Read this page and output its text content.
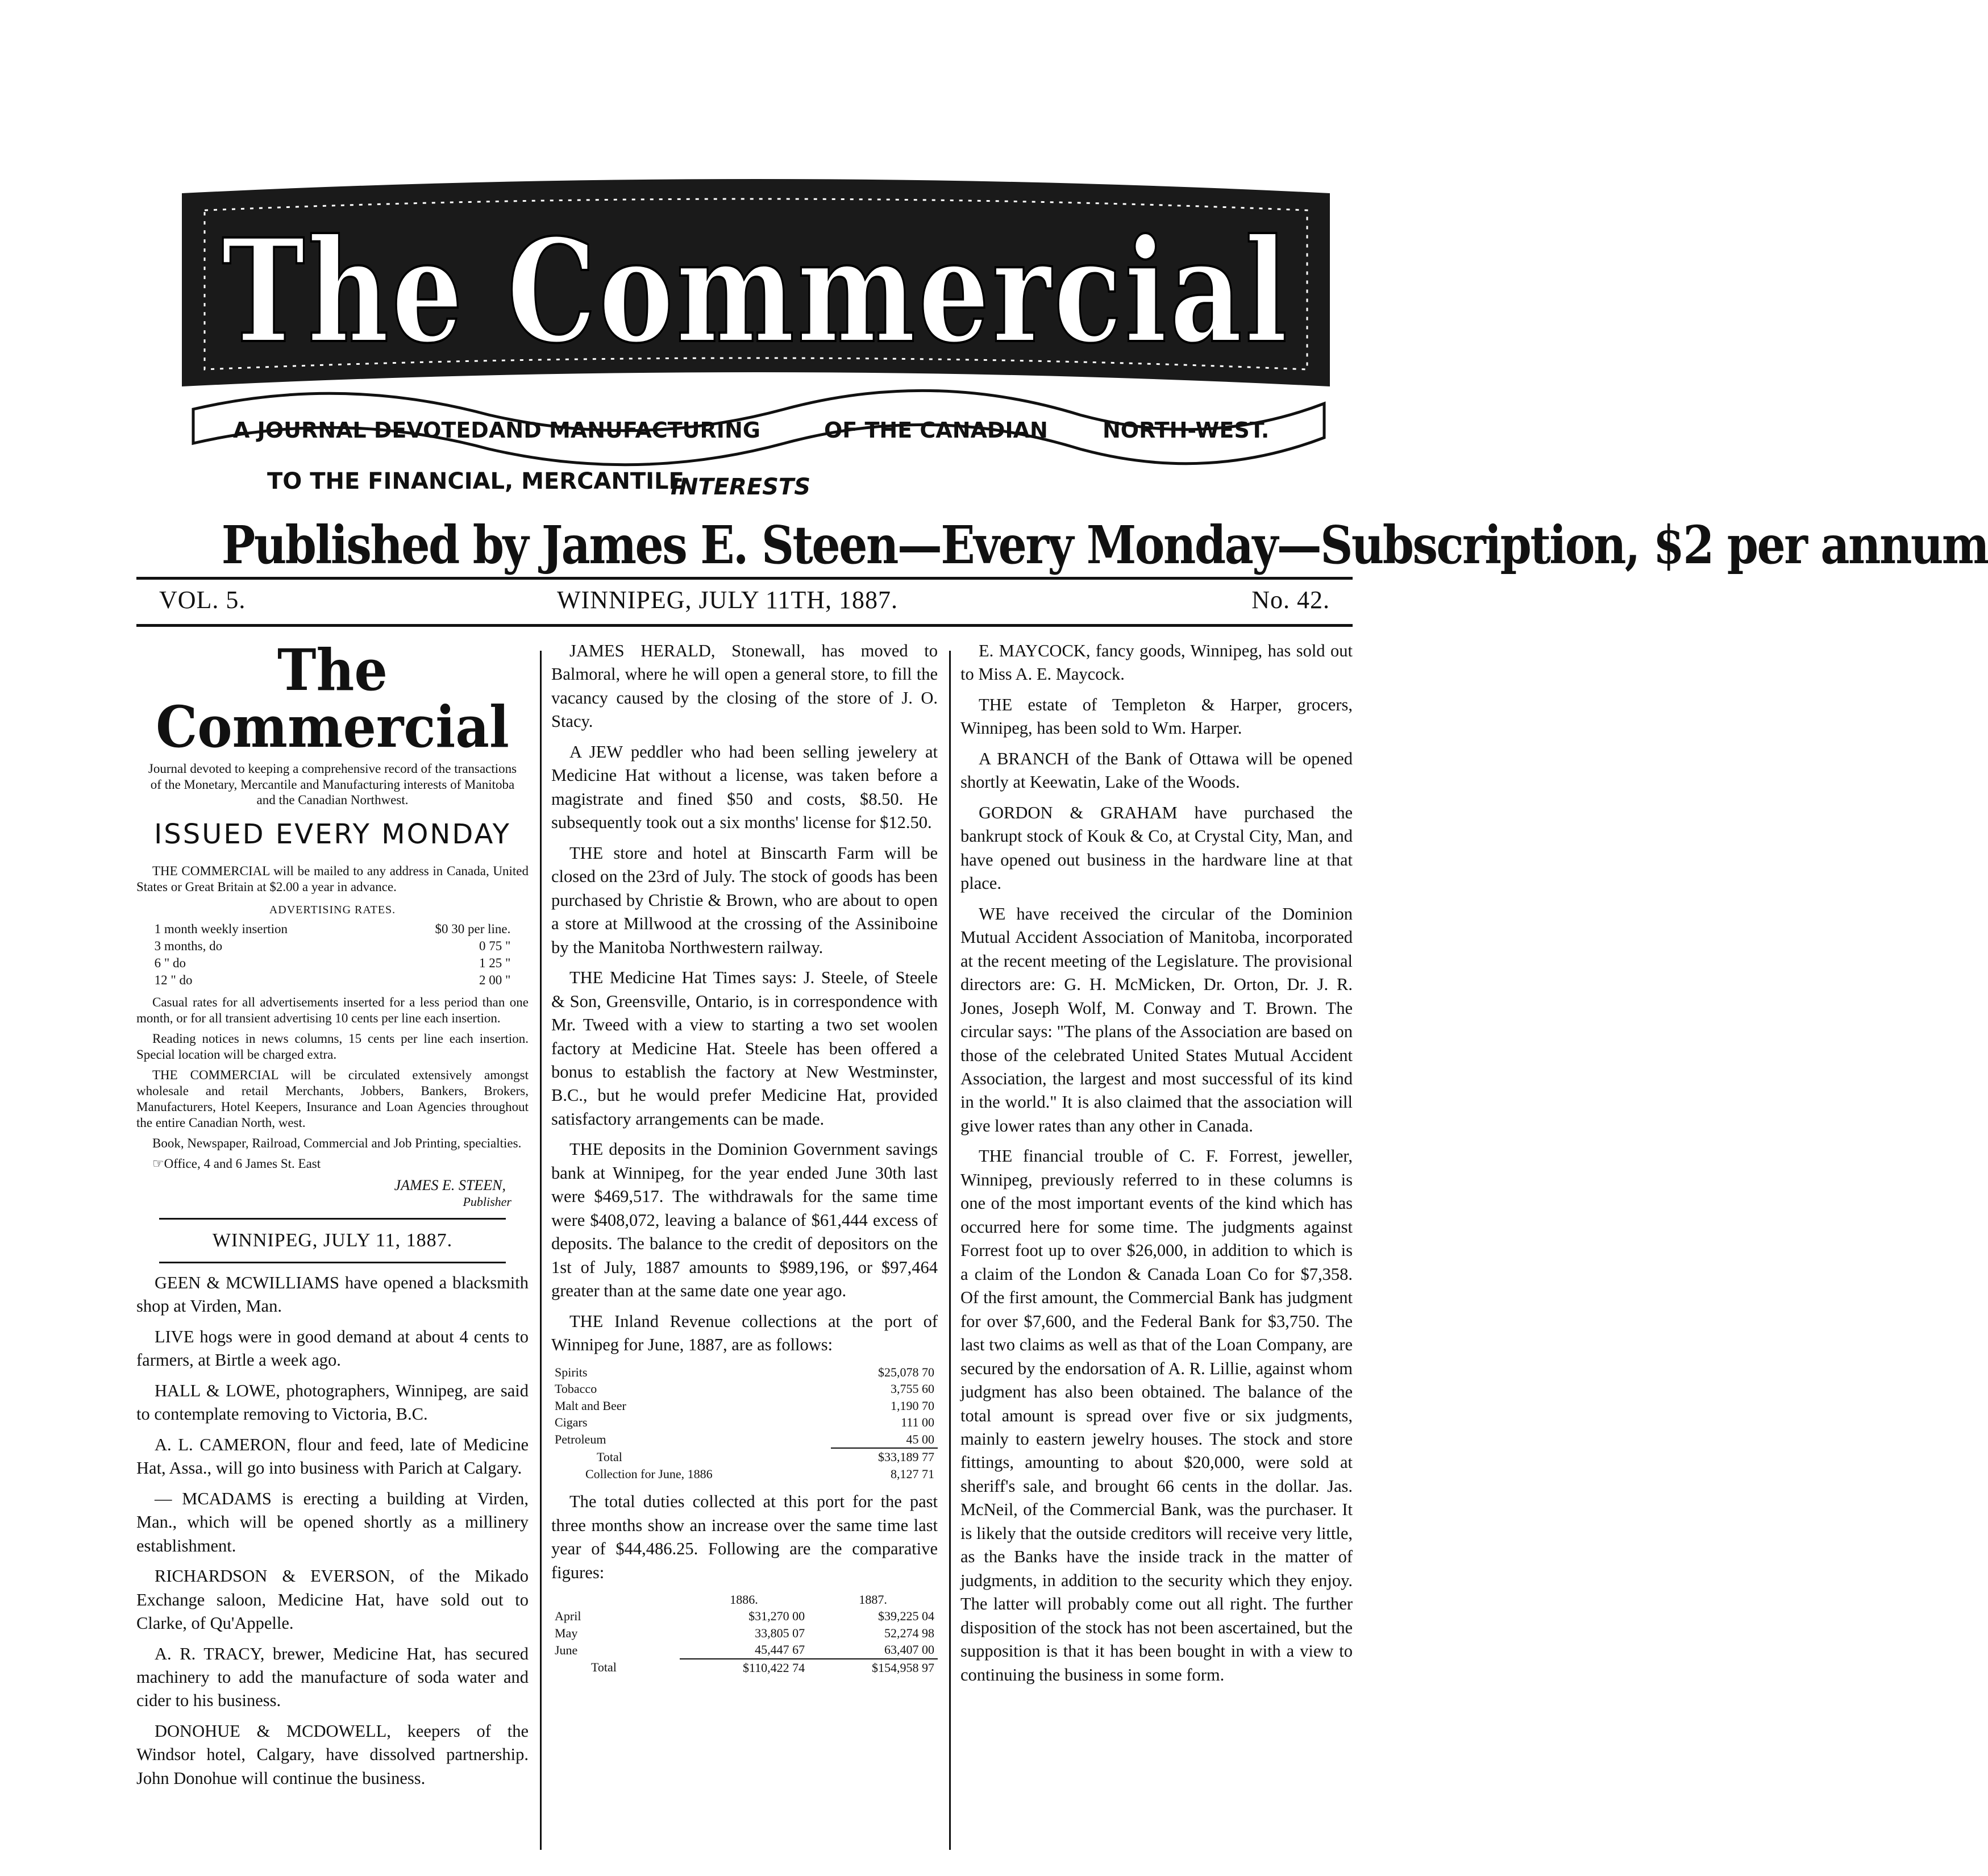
The Commercial
A JOURNAL DEVOTED AND MANUFACTURING	OF THE CANADIAN	NORTH-WEST.
TO THE FINANCIAL, MERCANTILE
INTERESTS
Published by James E. Steen—Every Monday—Subscription, $2 per annum
VOL. 5.	WINNIPEG, JULY 11TH, 1887.	No. 42.
The Commercial
Journal devoted to keeping a comprehensive record of the transactions of the Monetary, Mercantile and Manufacturing interests of Manitoba and the Canadian Northwest.
ISSUED EVERY MONDAY

THE COMMERCIAL will be mailed to any address in Canada, United States or Great Britain at $2.00 a year in advance.

ADVERTISING RATES.
1 month weekly insertion	$0 30 per line.
3 months, do	0 75 "
6 " do	1 25 "
12 " do	2 00 "

Casual rates for all advertisements inserted for a less period than one month, or for all transient advertising 10 cents per line each insertion.

Reading notices in news columns, 15 cents per line each insertion. Special location will be charged extra.

THE COMMERCIAL will be circulated extensively amongst wholesale and retail Merchants, Jobbers, Bankers, Brokers, Manufacturers, Hotel Keepers, Insurance and Loan Agencies throughout the entire Canadian North, west.

Book, Newspaper, Railroad, Commercial and Job Printing, specialties.

☞Office, 4 and 6 James St. East

JAMES E. STEEN,
Publisher
WINNIPEG, JULY 11, 1887.

GEEN & MCWILLIAMS have opened a blacksmith shop at Virden, Man.

LIVE hogs were in good demand at about 4 cents to farmers, at Birtle a week ago.

HALL & LOWE, photographers, Winnipeg, are said to contemplate removing to Victoria, B.C.

A. L. CAMERON, flour and feed, late of Medicine Hat, Assa., will go into business with Parich at Calgary.

— MCADAMS is erecting a building at Virden, Man., which will be opened shortly as a millinery establishment.

RICHARDSON & EVERSON, of the Mikado Exchange saloon, Medicine Hat, have sold out to Clarke, of Qu'Appelle.

A. R. TRACY, brewer, Medicine Hat, has secured machinery to add the manufacture of soda water and cider to his business.

DONOHUE & MCDOWELL, keepers of the Windsor hotel, Calgary, have dissolved partnership. John Donohue will continue the business.

JAMES HERALD, Stonewall, has moved to Balmoral, where he will open a general store, to fill the vacancy caused by the closing of the store of J. O. Stacy.

A JEW peddler who had been selling jewelery at Medicine Hat without a license, was taken before a magistrate and fined $50 and costs, $8.50. He subsequently took out a six months' license for $12.50.

THE store and hotel at Binscarth Farm will be closed on the 23rd of July. The stock of goods has been purchased by Christie & Brown, who are about to open a store at Millwood at the crossing of the Assiniboine by the Manitoba Northwestern railway.

THE Medicine Hat Times says: J. Steele, of Steele & Son, Greensville, Ontario, is in correspondence with Mr. Tweed with a view to starting a two set woolen factory at Medicine Hat. Steele has been offered a bonus to establish the factory at New Westminster, B.C., but he would prefer Medicine Hat, provided satisfactory arrangements can be made.

THE deposits in the Dominion Government savings bank at Winnipeg, for the year ended June 30th last were $469,517. The withdrawals for the same time were $408,072, leaving a balance of $61,444 excess of deposits. The balance to the credit of depositors on the 1st of July, 1887 amounts to $989,196, or $97,464 greater than at the same date one year ago.

THE Inland Revenue collections at the port of Winnipeg for June, 1887, are as follows:

Spirits	$25,078 70
Tobacco	3,755 60
Malt and Beer	1,190 70
Cigars	111 00
Petroleum	45 00
Total	$33,189 77
Collection for June, 1886	8,127 71

The total duties collected at this port for the past three months show an increase over the same time last year of $44,486.25. Following are the comparative figures:

	1886.	1887.
April	$31,270 00	$39,225 04
May	33,805 07	52,274 98
June	45,447 67	63,407 00
Total	$110,422 74	$154,958 97

E. MAYCOCK, fancy goods, Winnipeg, has sold out to Miss A. E. Maycock.

THE estate of Templeton & Harper, grocers, Winnipeg, has been sold to Wm. Harper.

A BRANCH of the Bank of Ottawa will be opened shortly at Keewatin, Lake of the Woods.

GORDON & GRAHAM have purchased the bankrupt stock of Kouk & Co, at Crystal City, Man, and have opened out business in the hardware line at that place.

WE have received the circular of the Dominion Mutual Accident Association of Manitoba, incorporated at the recent meeting of the Legislature. The provisional directors are: G. H. McMicken, Dr. Orton, Dr. J. R. Jones, Joseph Wolf, M. Conway and T. Brown. The circular says: "The plans of the Association are based on those of the celebrated United States Mutual Accident Association, the largest and most successful of its kind in the world." It is also claimed that the association will give lower rates than any other in Canada.

THE financial trouble of C. F. Forrest, jeweller, Winnipeg, previously referred to in these columns is one of the most important events of the kind which has occurred here for some time. The judgments against Forrest foot up to over $26,000, in addition to which is a claim of the London & Canada Loan Co for $7,358. Of the first amount, the Commercial Bank has judgment for over $7,600, and the Federal Bank for $3,750. The last two claims as well as that of the Loan Company, are secured by the endorsation of A. R. Lillie, against whom judgment has also been obtained. The balance of the total amount is spread over five or six judgments, mainly to eastern jewelry houses. The stock and store fittings, amounting to about $20,000, were sold at sheriff's sale, and brought 66 cents in the dollar. Jas. McNeil, of the Commercial Bank, was the purchaser. It is likely that the outside creditors will receive very little, as the Banks have the inside track in the matter of judgments, in addition to the security which they enjoy. The latter will probably come out all right. The further disposition of the stock has not been ascertained, but the supposition is that it has been bought in with a view to continuing the business in some form.
